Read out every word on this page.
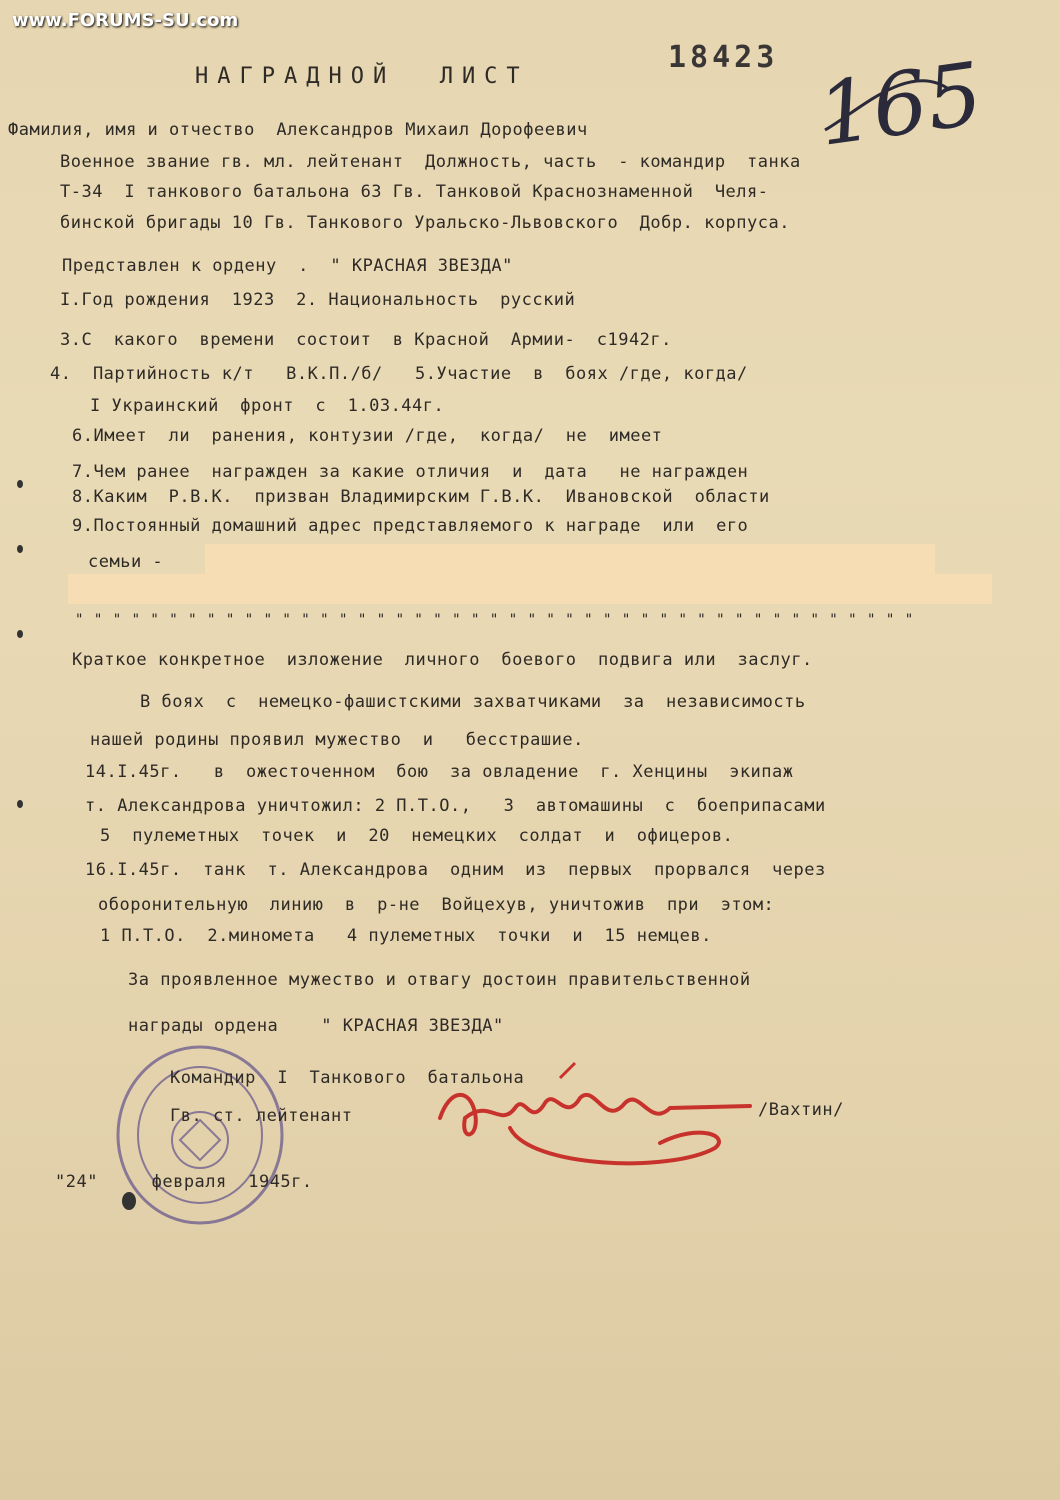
www.FORUMS-SU.com
18423 165
НАГРАДНОЙ  ЛИСТ
Фамилия, имя и отчество  Александров Михаил Дорофеевич
Военное звание гв. мл. лейтенант  Должность, часть  - командир  танка
Т-34  I танкового батальона 63 Гв. Танковой Краснознаменной  Челя-
бинской бригады 10 Гв. Танкового Уральско-Львовского  Добр. корпуса.
Представлен к ордену  .  " КРАСНАЯ ЗВЕЗДА"
I.Год рождения  1923  2. Национальность  русский
3.С  какого  времени  состоит  в Красной  Армии-  с1942г.
4.  Партийность к/т   В.К.П./б/   5.Участие  в  боях /где, когда/
I Украинский  фронт  с  1.03.44г.
6.Имеет  ли  ранения, контузии /где,  когда/  не  имеет
7.Чем ранее  награжден за какие отличия  и  дата   не награжден
8.Каким  Р.В.К.  призван Владимирским Г.В.К.  Ивановской  области
9.Постоянный домашний адрес представляемого к награде  или  его
семьи -
" " " " " " " " " " " " " " " " " " " " " " " " " " " " " " " " " " " " " " " " " " " " "
Краткое конкретное  изложение  личного  боевого  подвига или  заслуг.
В боях  с  немецко-фашистскими захватчиками  за  независимость
нашей родины проявил мужество  и   бесстрашие.
14.I.45г.   в  ожесточенном  бою  за овладение  г. Хенцины  экипаж
т. Александрова уничтожил: 2 П.Т.О.,   3  автомашины  с  боеприпасами
5  пулеметных  точек  и  20  немецких  солдат  и  офицеров.
16.I.45г.  танк  т. Александрова  одним  из  первых  прорвался  через
оборонительную  линию  в  р-не  Войцехув, уничтожив  при  этом:
1 П.Т.О.  2.миномета   4 пулеметных  точки  и  15 немцев.
За проявленное мужество и отвагу достоин правительственной
награды ордена    " КРАСНАЯ ЗВЕЗДА"
Командир  I  Танкового  батальона
Гв. ст. лейтенант	/Вахтин/
"24"     февраля  1945г.
